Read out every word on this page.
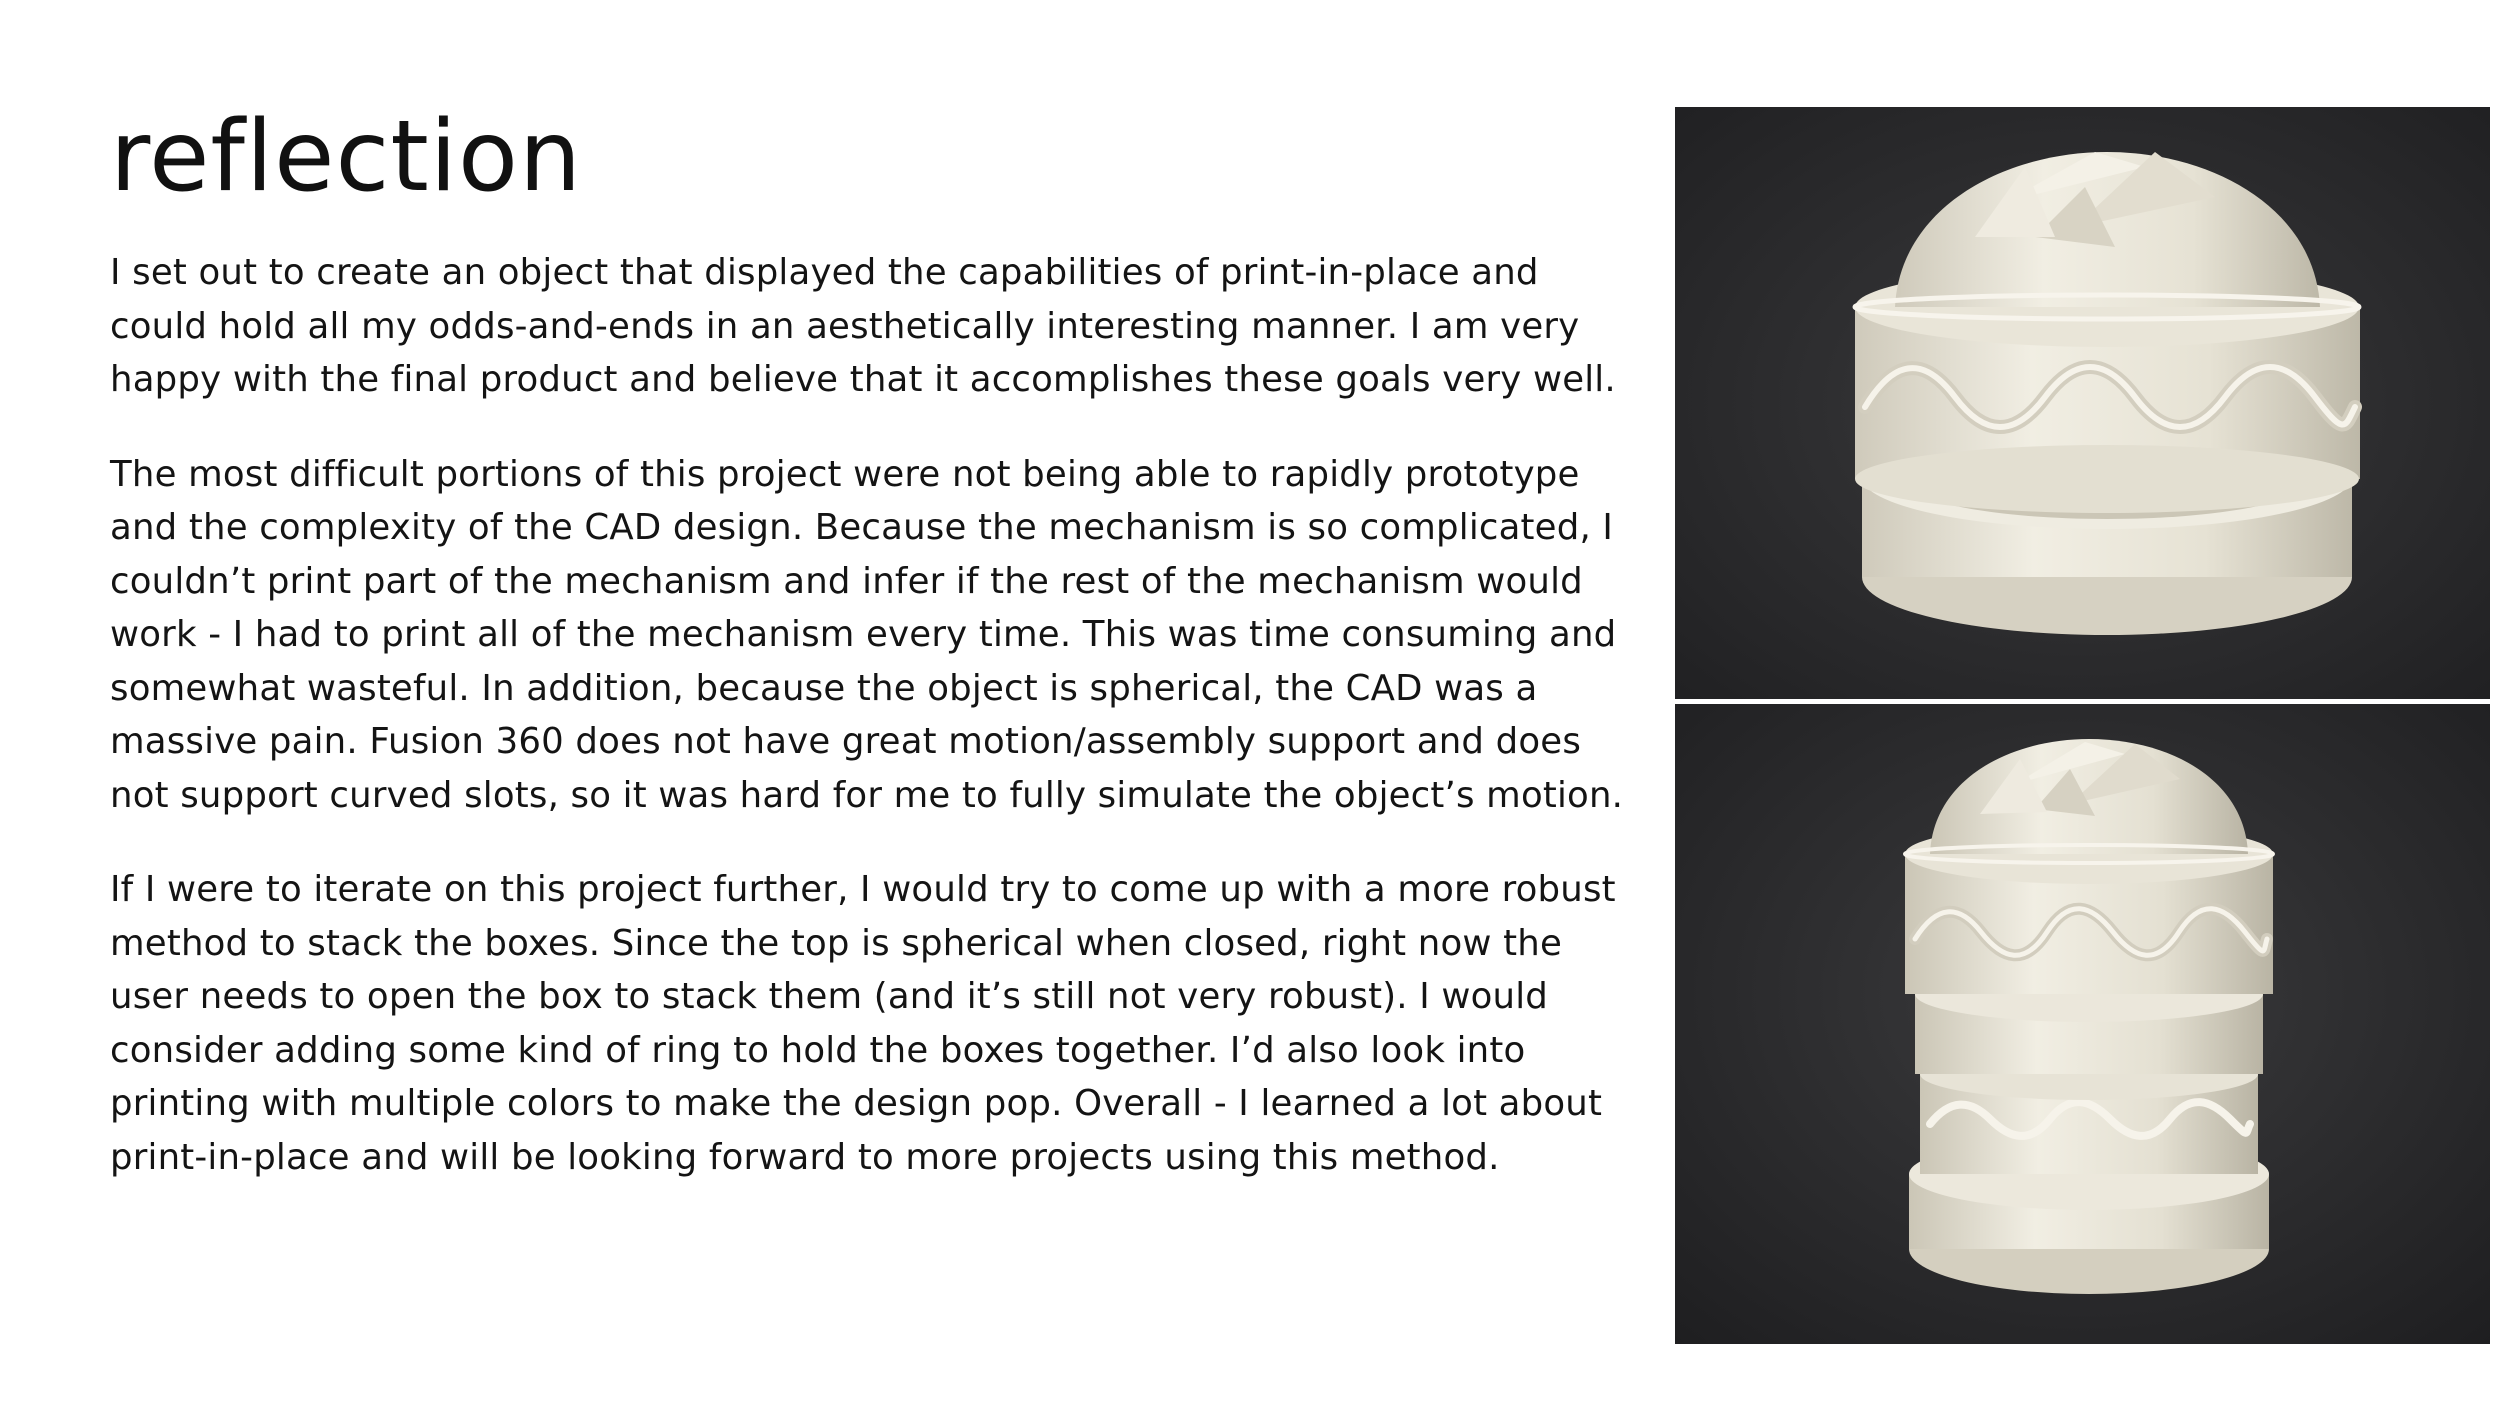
reflection

I set out to create an object that displayed the capabilities of print-in-place and could hold all my odds-and-ends in an aesthetically interesting manner. I am very happy with the final product and believe that it accomplishes these goals very well.

The most difficult portions of this project were not being able to rapidly prototype and the complexity of the CAD design. Because the mechanism is so complicated, I couldn’t print part of the mechanism and infer if the rest of the mechanism would work - I had to print all of the mechanism every time. This was time consuming and somewhat wasteful. In addition, because the object is spherical, the CAD was a massive pain. Fusion 360 does not have great motion/assembly support and does not support curved slots, so it was hard for me to fully simulate the object’s motion.

If I were to iterate on this project further, I would try to come up with a more robust method to stack the boxes. Since the top is spherical when closed, right now the user needs to open the box to stack them (and it’s still not very robust). I would consider adding some kind of ring to hold the boxes together. I’d also look into printing with multiple colors to make the design pop. Overall - I learned a lot about print-in-place and will be looking forward to more projects using this method.
